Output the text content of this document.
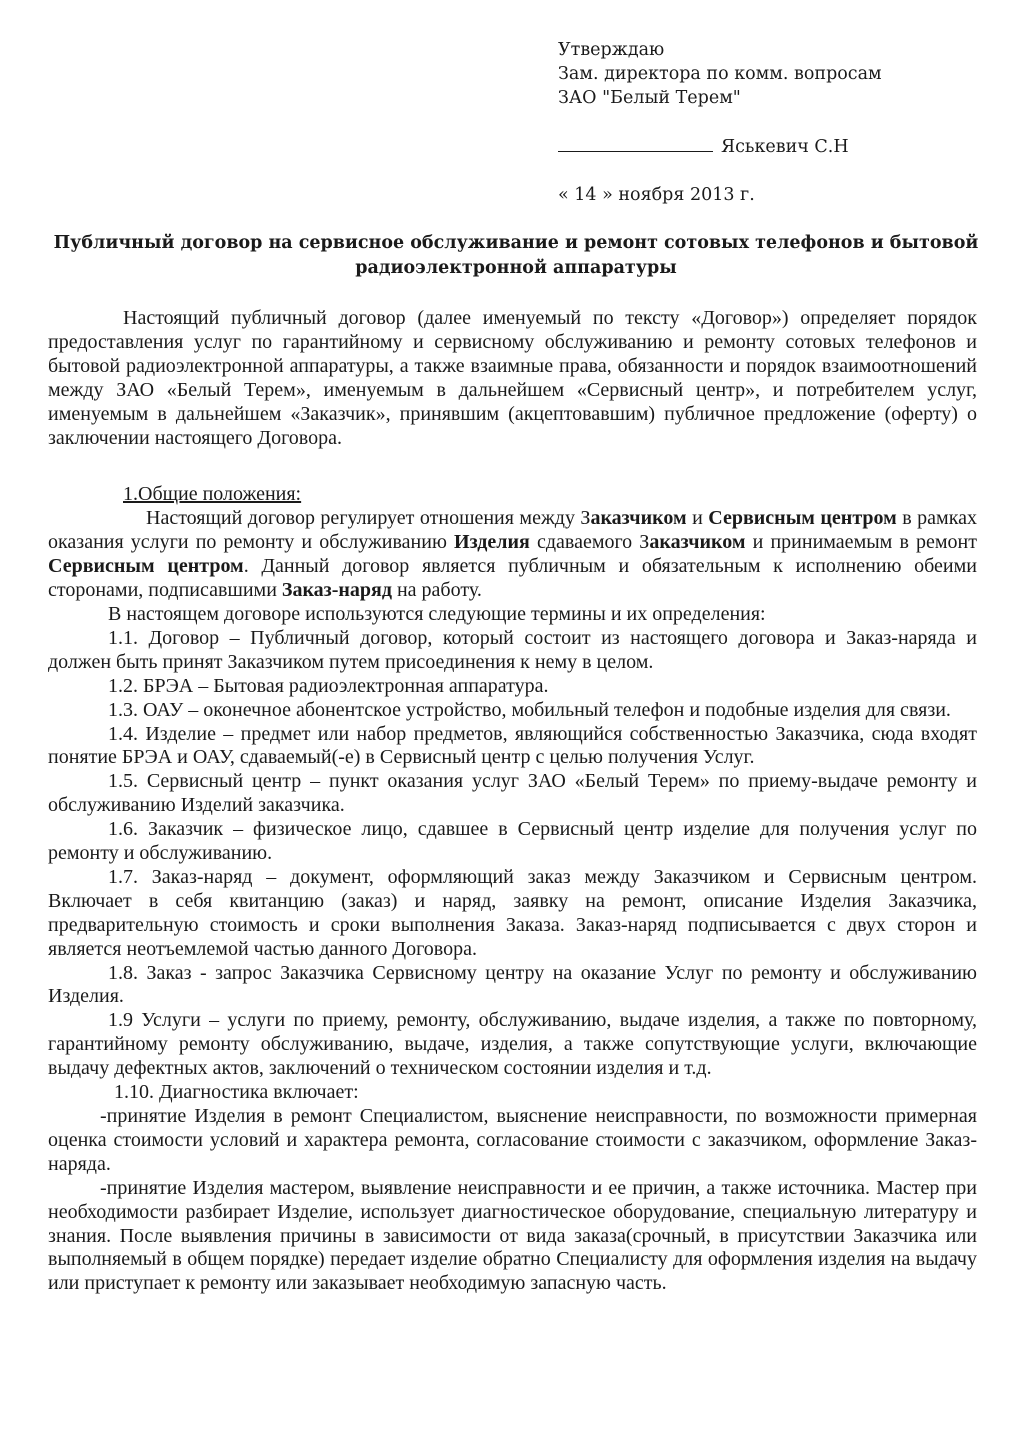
Утверждаю
Зам. директора по комм. вопросам
ЗАО "Белый Терем"
Яськевич С.Н
« 14 » ноября 2013 г.
Публичный договор на сервисное обслуживание и ремонт сотовых телефонов и бытовой радиоэлектронной аппаратуры

Настоящий публичный договор (далее именуемый по тексту «Договор») определяет порядок предоставления услуг по гарантийному и сервисному обслуживанию и ремонту сотовых телефонов и бытовой радиоэлектронной аппаратуры, а также взаимные права, обязанности и порядок взаимоотношений между ЗАО «Белый Терем», именуемым в дальнейшем «Сервисный центр», и потребителем услуг, именуемым в дальнейшем «Заказчик», принявшим (акцептовавшим) публичное предложение (оферту) о заключении настоящего Договора.

1.Общие положения:

Настоящий договор регулирует отношения между Заказчиком и Сервисным центром в рамках оказания услуги по ремонту и обслуживанию Изделия сдаваемого Заказчиком и принимаемым в ремонт Сервисным центром. Данный договор является публичным и обязательным к исполнению обеими сторонами, подписавшими Заказ-наряд на работу.

В настоящем договоре используются следующие термины и их определения:

1.1. Договор – Публичный договор, который состоит из настоящего договора и Заказ-наряда и должен быть принят Заказчиком путем присоединения к нему в целом.

1.2. БРЭА – Бытовая радиоэлектронная аппаратура.

1.3. ОАУ – оконечное абонентское устройство, мобильный телефон и подобные изделия для связи.

1.4. Изделие – предмет или набор предметов, являющийся собственностью Заказчика, сюда входят понятие БРЭА и ОАУ, сдаваемый(-е) в Сервисный центр с целью получения Услуг.

1.5. Сервисный центр – пункт оказания услуг ЗАО «Белый Терем» по приему-выдаче ремонту и обслуживанию Изделий заказчика.

1.6. Заказчик – физическое лицо, сдавшее в Сервисный центр изделие для получения услуг по ремонту и обслуживанию.

1.7. Заказ-наряд – документ, оформляющий заказ между Заказчиком и Сервисным центром. Включает в себя квитанцию (заказ) и наряд, заявку на ремонт, описание Изделия Заказчика, предварительную стоимость и сроки выполнения Заказа. Заказ-наряд подписывается с двух сторон и является неотъемлемой частью данного Договора.

1.8. Заказ - запрос Заказчика Сервисному центру на оказание Услуг по ремонту и обслуживанию Изделия.

1.9 Услуги – услуги по приему, ремонту, обслуживанию, выдаче изделия, а также по повторному, гарантийному ремонту обслуживанию, выдаче, изделия, а также сопутствующие услуги, включающие выдачу дефектных актов, заключений о техническом состоянии изделия и т.д.

1.10. Диагностика включает:

-принятие Изделия в ремонт Специалистом, выяснение неисправности, по возможности примерная оценка стоимости условий и характера ремонта, согласование стоимости с заказчиком, оформление Заказ-наряда.

-принятие Изделия мастером, выявление неисправности и ее причин, а также источника. Мастер при необходимости разбирает Изделие, использует диагностическое оборудование, специальную литературу и знания. После выявления причины в зависимости от вида заказа(срочный, в присутствии Заказчика или выполняемый в общем порядке) передает изделие обратно Специалисту для оформления изделия на выдачу или приступает к ремонту или заказывает необходимую запасную часть.
